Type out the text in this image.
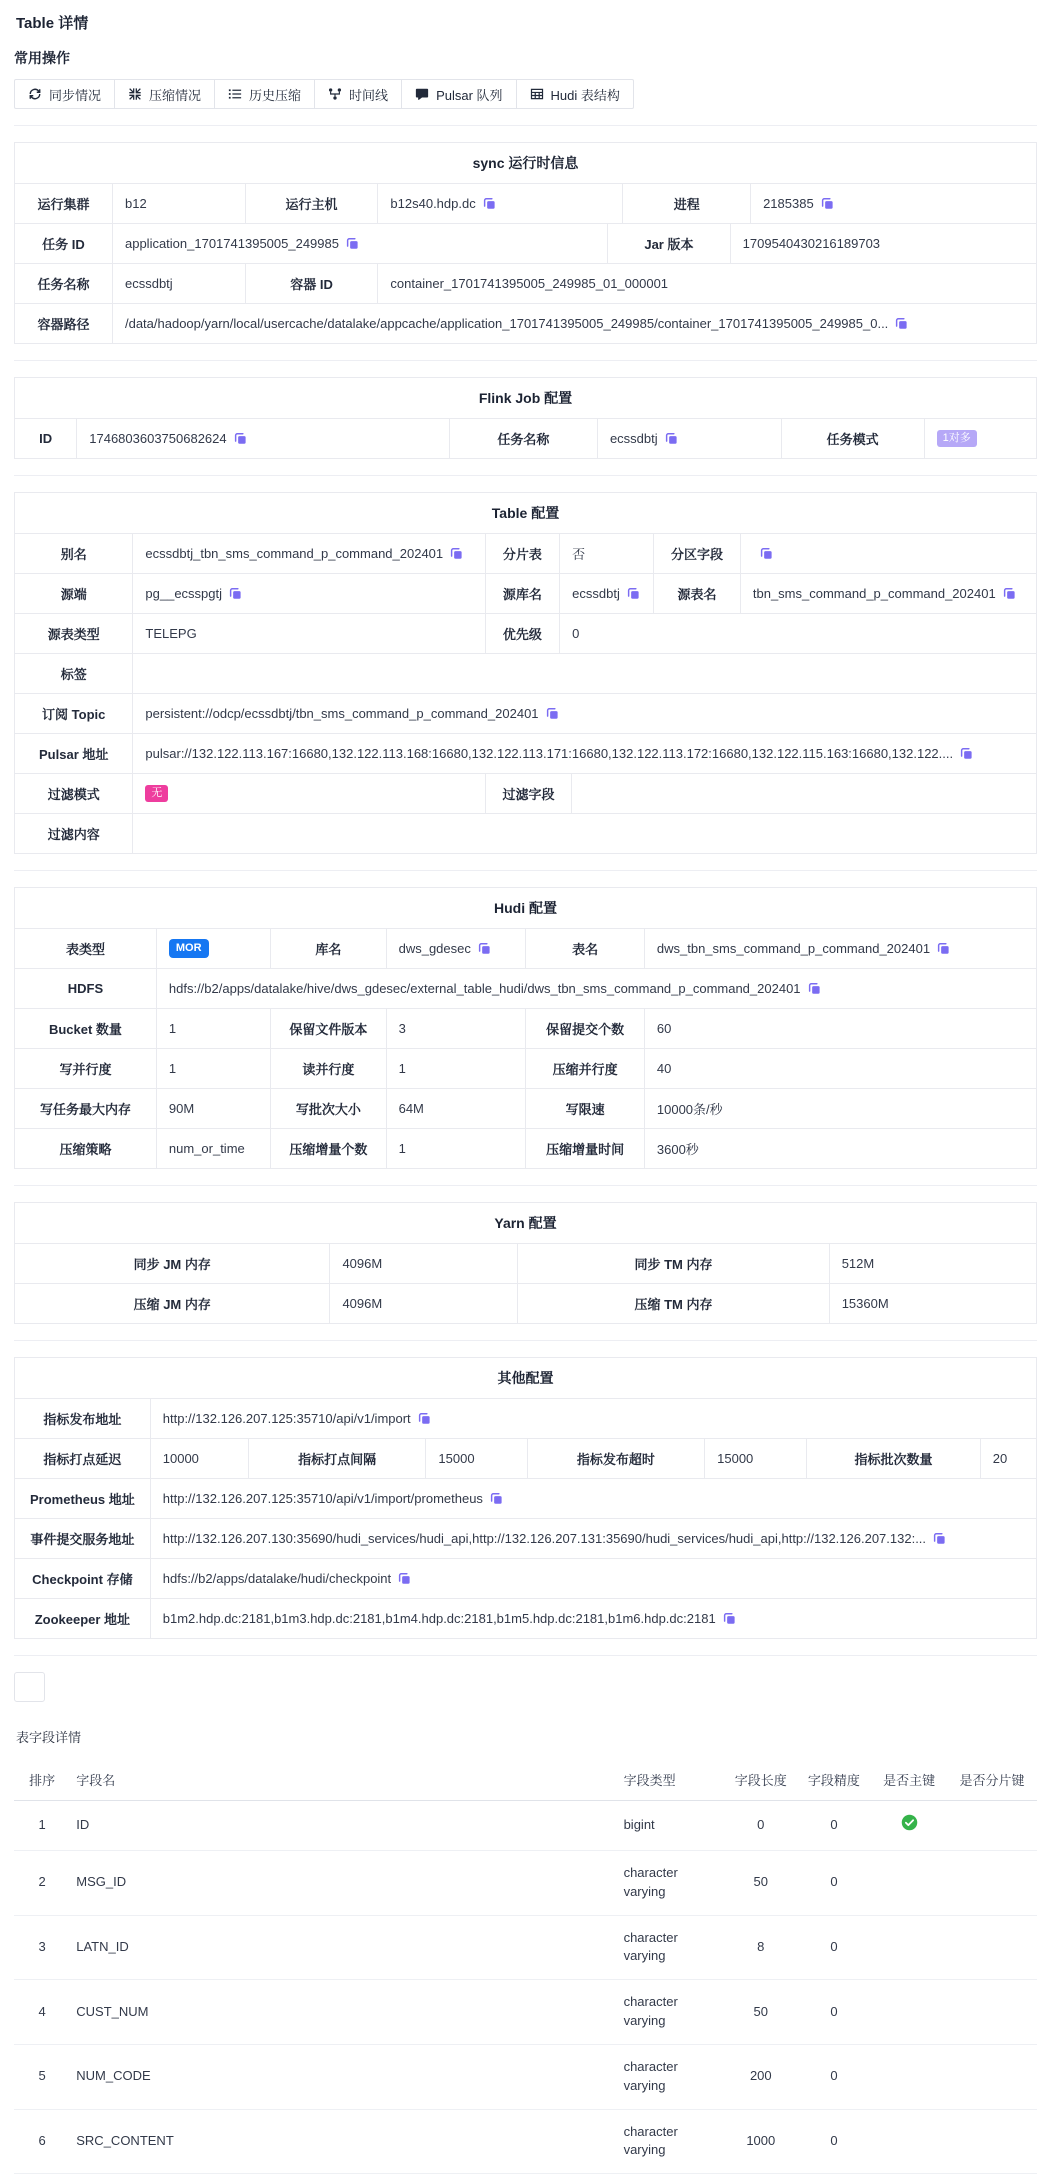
Table 详情
常用操作
同步情况	压缩情况	历史压缩	时间线	Pulsar 队列	Hudi 表结构
sync 运行时信息
运行集群	b12	运行主机	b12s40.hdp.dc	进程	2185385
任务 ID	application_1701741395005_249985	Jar 版本	1709540430216189703
任务名称	ecssdbtj	容器 ID	container_1701741395005_249985_01_000001
容器路径	/data/hadoop/yarn/local/usercache/datalake/appcache/application_1701741395005_249985/container_1701741395005_249985_0...
Flink Job 配置
ID	1746803603750682624	任务名称	ecssdbtj	任务模式	1对多
Table 配置
别名	ecssdbtj_tbn_sms_command_p_command_202401	分片表 否	分区字段
源端	pg__ecsspgtj	源库名 ecssdbtj	源表名	tbn_sms_command_p_command_202401
源表类型	TELEPG	优先级 0
标签
订阅 Topic	persistent://odcp/ecssdbtj/tbn_sms_command_p_command_202401
Pulsar 地址	pulsar://132.122.113.167:16680,132.122.113.168:16680,132.122.113.171:16680,132.122.113.172:16680,132.122.115.163:16680,132.122....
过滤模式	无	过滤字段
过滤内容
Hudi 配置
表类型	MOR	库名	dws_gdesec	表名	dws_tbn_sms_command_p_command_202401
HDFS	hdfs://b2/apps/datalake/hive/dws_gdesec/external_table_hudi/dws_tbn_sms_command_p_command_202401
Bucket 数量	1	保留文件版本 3	保留提交个数	60
写并行度	1	读并行度	1	压缩并行度	40
写任务最大内存	90M	写批次大小	64M	写限速	10000条/秒
压缩策略	num_or_time	压缩增量个数 1	压缩增量时间	3600秒
Yarn 配置
同步 JM 内存	4096M	同步 TM 内存	512M
压缩 JM 内存	4096M	压缩 TM 内存	15360M
其他配置
指标发布地址	http://132.126.207.125:35710/api/v1/import
指标打点延迟	10000	指标打点间隔	15000	指标发布超时	15000	指标批次数量	20
Prometheus 地址 http://132.126.207.125:35710/api/v1/import/prometheus
事件提交服务地址 http://132.126.207.130:35690/hudi_services/hudi_api,http://132.126.207.131:35690/hudi_services/hudi_api,http://132.126.207.132:...
Checkpoint 存储 hdfs://b2/apps/datalake/hudi/checkpoint
Zookeeper 地址	b1m2.hdp.dc:2181,b1m3.hdp.dc:2181,b1m4.hdp.dc:2181,b1m5.hdp.dc:2181,b1m6.hdp.dc:2181
表字段详情
排序	字段名	字段类型	字段长度	字段精度	是否主键	是否分片键
1	ID	bigint	0	0	

2	MSG_ID	character varying	50	0		
3	LATN_ID	character varying	8	0		
4	CUST_NUM	character varying	50	0		
5	NUM_CODE	character varying	200	0		
6	SRC_CONTENT	character varying	1000	0		
